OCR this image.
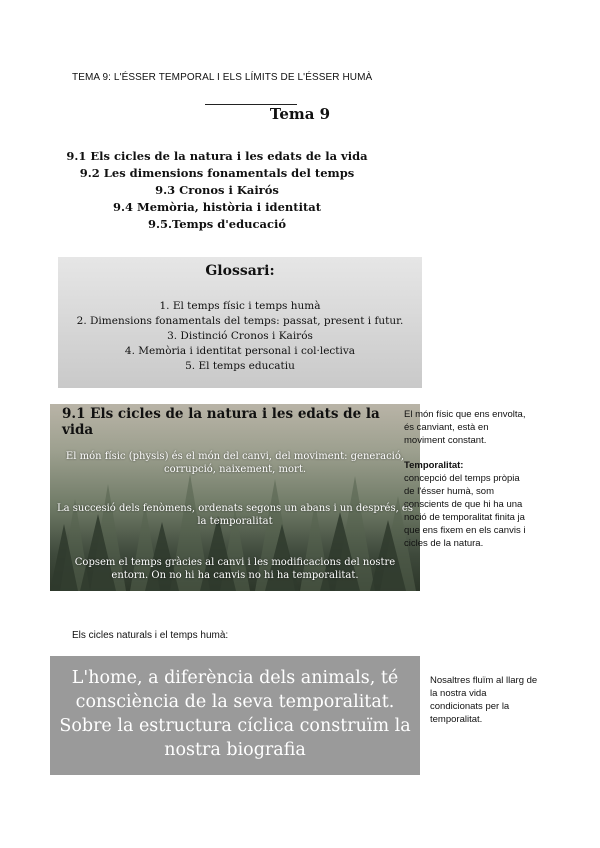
TEMA 9: L'ÉSSER TEMPORAL I ELS LÍMITS DE L'ÉSSER HUMÀ
Tema 9
9.1 Els cicles de la natura i les edats de la vida
9.2 Les dimensions fonamentals del temps
9.3 Cronos i Kairós
9.4 Memòria, història i identitat
9.5.Temps d'educació
Glossari:
1. El temps físic i temps humà
2. Dimensions fonamentals del temps: passat, present i futur.
3. Distinció Cronos i Kairós
4. Memòria i identitat personal i col·lectiva
5. El temps educatiu
9.1 Els cicles de la natura i les edats de la vida
El món físic (physis) és el món del canvi, del moviment: generació, corrupció, naixement, mort.
La succesió dels fenòmens, ordenats segons un abans i un després, és la temporalitat
Copsem el temps gràcies al canvi i les modificacions del nostre entorn. On no hi ha canvis no hi ha temporalitat.
El món físic que ens envolta, és canviant, està en moviment constant.
Temporalitat:
concepció del temps pròpia de l'ésser humà, som conscients de que hi ha una noció de temporalitat finita ja que ens fixem en els canvis i cicles de la natura.
Els cicles naturals i el temps humà:
L'home, a diferència dels animals, té consciència de la seva temporalitat. Sobre la estructura cíclica construïm la nostra biografia
Nosaltres fluïm al llarg de la nostra vida condicionats per la temporalitat.
